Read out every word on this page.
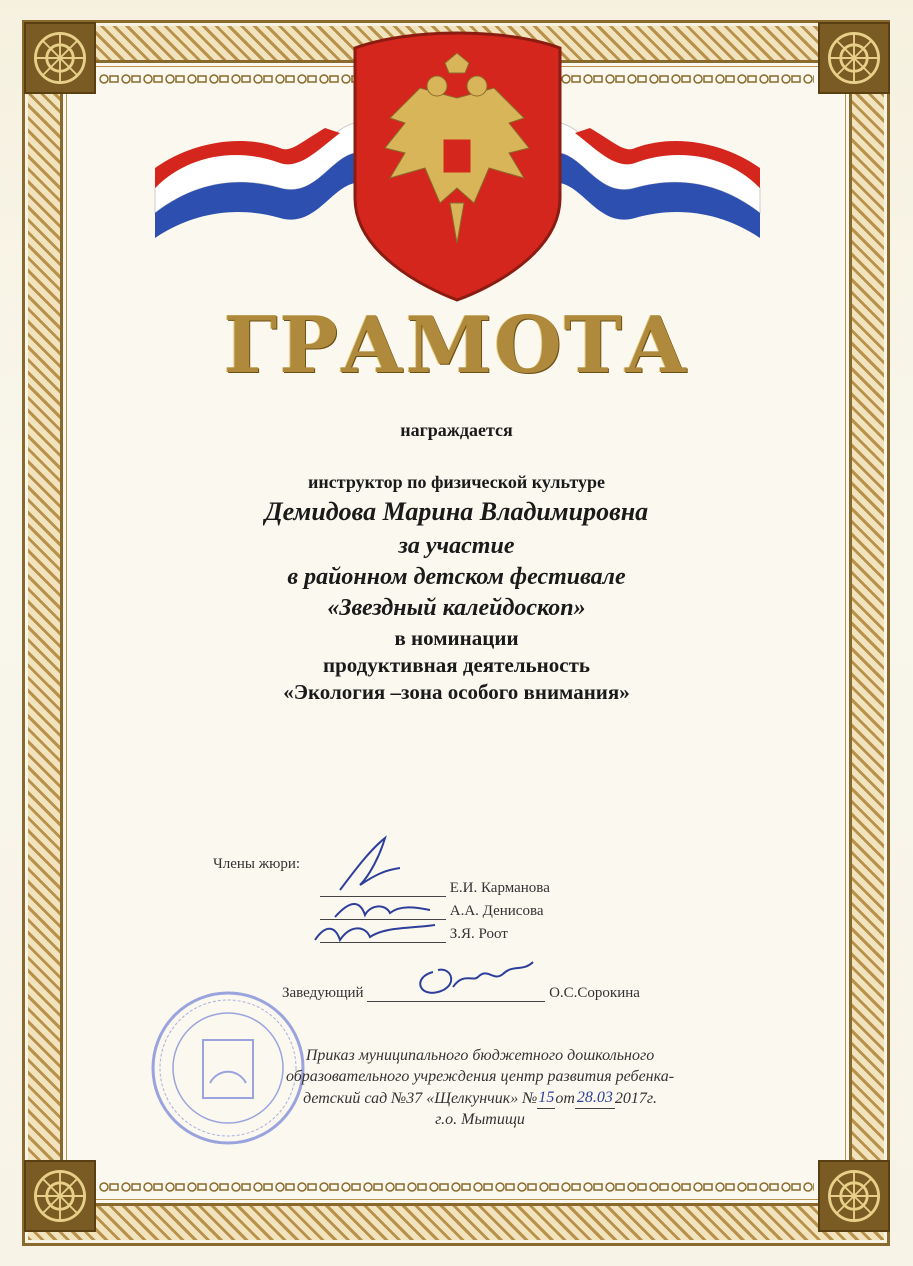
ГРАМОТА
награждается
инструктор по физической культуре
Демидова Марина Владимировна
за участие
в районном детском фестивале
«Звездный калейдоскоп»
в номинации
продуктивная деятельность
«Экология –зона особого внимания»
Члены жюри:
Е.И. Карманова
А.А. Денисова
З.Я. Роот
Заведующий	О.С.Сорокина
Приказ муниципального бюджетного дошкольного
образовательного учреждения центр развития ребенка-
детский сад №37 «Щелкунчик» №15от 28.03 2017г.
г.о. Мытищи
